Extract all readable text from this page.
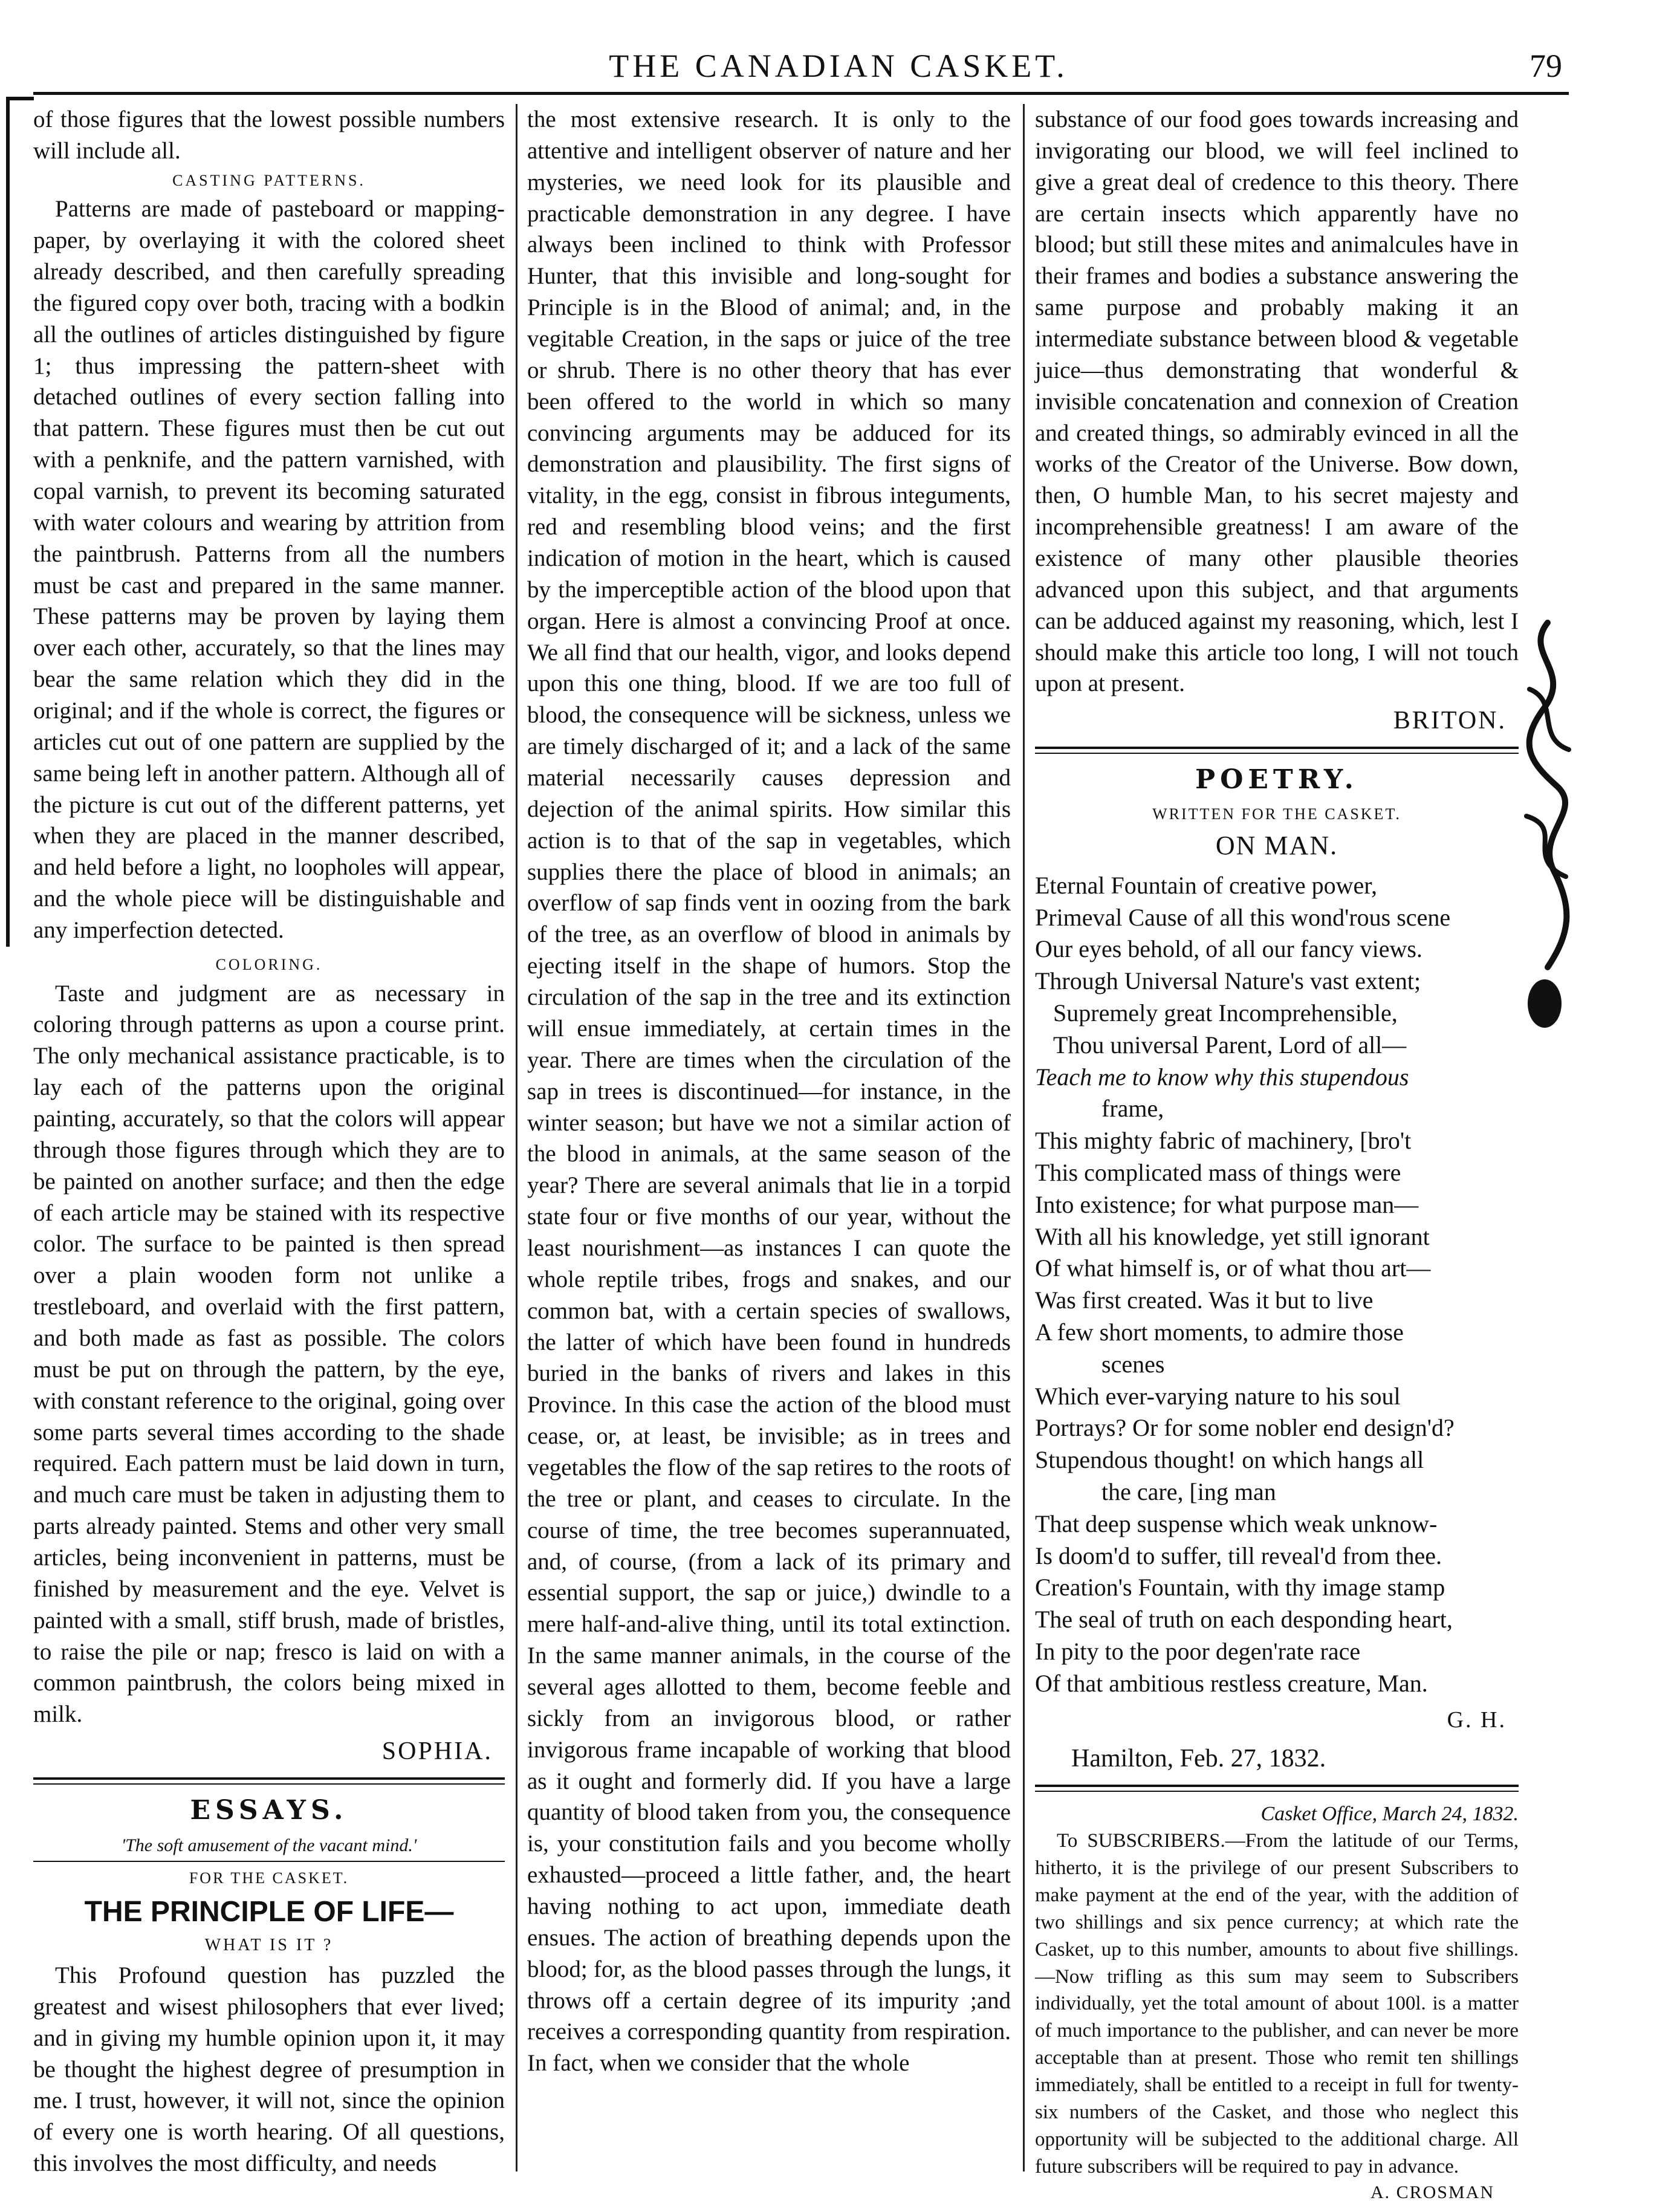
THE CANADIAN CASKET.	79

of those figures that the lowest possible numbers will include all.

CASTING PATTERNS.

Patterns are made of pasteboard or mapping-paper, by overlaying it with the colored sheet already described, and then carefully spreading the figured copy over both, tracing with a bodkin all the outlines of articles distinguished by figure 1; thus impressing the pattern-sheet with detached outlines of every section falling into that pattern. These figures must then be cut out with a penknife, and the pattern varnished, with copal varnish, to prevent its becoming saturated with water colours and wearing by attrition from the paintbrush. Patterns from all the numbers must be cast and prepared in the same manner. These patterns may be proven by laying them over each other, accurately, so that the lines may bear the same relation which they did in the original; and if the whole is correct, the figures or articles cut out of one pattern are supplied by the same being left in another pattern. Although all of the picture is cut out of the different patterns, yet when they are placed in the manner described, and held before a light, no loopholes will appear, and the whole piece will be distinguishable and any imperfection detected.

COLORING.

Taste and judgment are as necessary in coloring through patterns as upon a course print. The only mechanical assistance practicable, is to lay each of the patterns upon the original painting, accurately, so that the colors will appear through those figures through which they are to be painted on another surface; and then the edge of each article may be stained with its respective color. The surface to be painted is then spread over a plain wooden form not unlike a trestleboard, and overlaid with the first pattern, and both made as fast as possible. The colors must be put on through the pattern, by the eye, with constant reference to the original, going over some parts several times according to the shade required. Each pattern must be laid down in turn, and much care must be taken in adjusting them to parts already painted. Stems and other very small articles, being inconvenient in patterns, must be finished by measurement and the eye. Velvet is painted with a small, stiff brush, made of bristles, to raise the pile or nap; fresco is laid on with a common paintbrush, the colors being mixed in milk.

SOPHIA.
ESSAYS.
'The soft amusement of the vacant mind.'
FOR THE CASKET.
THE PRINCIPLE OF LIFE—
WHAT IS IT ?

This Profound question has puzzled the greatest and wisest philosophers that ever lived; and in giving my humble opinion upon it, it may be thought the highest degree of presumption in me. I trust, however, it will not, since the opinion of every one is worth hearing. Of all questions, this involves the most difficulty, and needs

the most extensive research. It is only to the attentive and intelligent observer of nature and her mysteries, we need look for its plausible and practicable demonstration in any degree. I have always been inclined to think with Professor Hunter, that this invisible and long-sought for Principle is in the Blood of animal; and, in the vegitable Creation, in the saps or juice of the tree or shrub. There is no other theory that has ever been offered to the world in which so many convincing arguments may be adduced for its demonstration and plausibility. The first signs of vitality, in the egg, consist in fibrous integuments, red and resembling blood veins; and the first indication of motion in the heart, which is caused by the imperceptible action of the blood upon that organ. Here is almost a convincing Proof at once. We all find that our health, vigor, and looks depend upon this one thing, blood. If we are too full of blood, the consequence will be sickness, unless we are timely discharged of it; and a lack of the same material necessarily causes depression and dejection of the animal spirits. How similar this action is to that of the sap in vegetables, which supplies there the place of blood in animals; an overflow of sap finds vent in oozing from the bark of the tree, as an overflow of blood in animals by ejecting itself in the shape of humors. Stop the circulation of the sap in the tree and its extinction will ensue immediately, at certain times in the year. There are times when the circulation of the sap in trees is discontinued—for instance, in the winter season; but have we not a similar action of the blood in animals, at the same season of the year? There are several animals that lie in a torpid state four or five months of our year, without the least nourishment—as instances I can quote the whole reptile tribes, frogs and snakes, and our common bat, with a certain species of swallows, the latter of which have been found in hundreds buried in the banks of rivers and lakes in this Province. In this case the action of the blood must cease, or, at least, be invisible; as in trees and vegetables the flow of the sap retires to the roots of the tree or plant, and ceases to circulate. In the course of time, the tree becomes superannuated, and, of course, (from a lack of its primary and essential support, the sap or juice,) dwindle to a mere half-and-alive thing, until its total extinction. In the same manner animals, in the course of the several ages allotted to them, become feeble and sickly from an invigorous blood, or rather invigorous frame incapable of working that blood as it ought and formerly did. If you have a large quantity of blood taken from you, the consequence is, your constitution fails and you become wholly exhausted—proceed a little father, and, the heart having nothing to act upon, immediate death ensues. The action of breathing depends upon the blood; for, as the blood passes through the lungs, it throws off a certain degree of its impurity ;and receives a corresponding quantity from respiration. In fact, when we consider that the whole

substance of our food goes towards increasing and invigorating our blood, we will feel inclined to give a great deal of credence to this theory. There are certain insects which apparently have no blood; but still these mites and animalcules have in their frames and bodies a substance answering the same purpose and probably making it an intermediate substance between blood & vegetable juice—thus demonstrating that wonderful & invisible concatenation and connexion of Creation and created things, so admirably evinced in all the works of the Creator of the Universe. Bow down, then, O humble Man, to his secret majesty and incomprehensible greatness! I am aware of the existence of many other plausible theories advanced upon this subject, and that arguments can be adduced against my reasoning, which, lest I should make this article too long, I will not touch upon at present.

BRITON.
POETRY.
WRITTEN FOR THE CASKET.
ON MAN.
Eternal Fountain of creative power,
Primeval Cause of all this wond'rous scene
Our eyes behold, of all our fancy views.
Through Universal Nature's vast extent;
Supremely great Incomprehensible,
Thou universal Parent, Lord of all—
Teach me to know why this stupendous
frame,
This mighty fabric of machinery, [bro't
This complicated mass of things were
Into existence; for what purpose man—
With all his knowledge, yet still ignorant
Of what himself is, or of what thou art—
Was first created. Was it but to live
A few short moments, to admire those
scenes
Which ever-varying nature to his soul
Portrays? Or for some nobler end design'd?
Stupendous thought! on which hangs all
the care, [ing man
That deep suspense which weak unknow-
Is doom'd to suffer, till reveal'd from thee.
Creation's Fountain, with thy image stamp
The seal of truth on each desponding heart,
In pity to the poor degen'rate race
Of that ambitious restless creature, Man.
G. H.
Hamilton, Feb. 27, 1832.
Casket Office, March 24, 1832.

To SUBSCRIBERS.—From the latitude of our Terms, hitherto, it is the privilege of our present Subscribers to make payment at the end of the year, with the addition of two shillings and six pence currency; at which rate the Casket, up to this number, amounts to about five shillings.—Now trifling as this sum may seem to Subscribers individually, yet the total amount of about 100l. is a matter of much importance to the publisher, and can never be more acceptable than at present. Those who remit ten shillings immediately, shall be entitled to a receipt in full for twenty-six numbers of the Casket, and those who neglect this opportunity will be subjected to the additional charge. All future subscribers will be required to pay in advance.

A. CROSMAN
